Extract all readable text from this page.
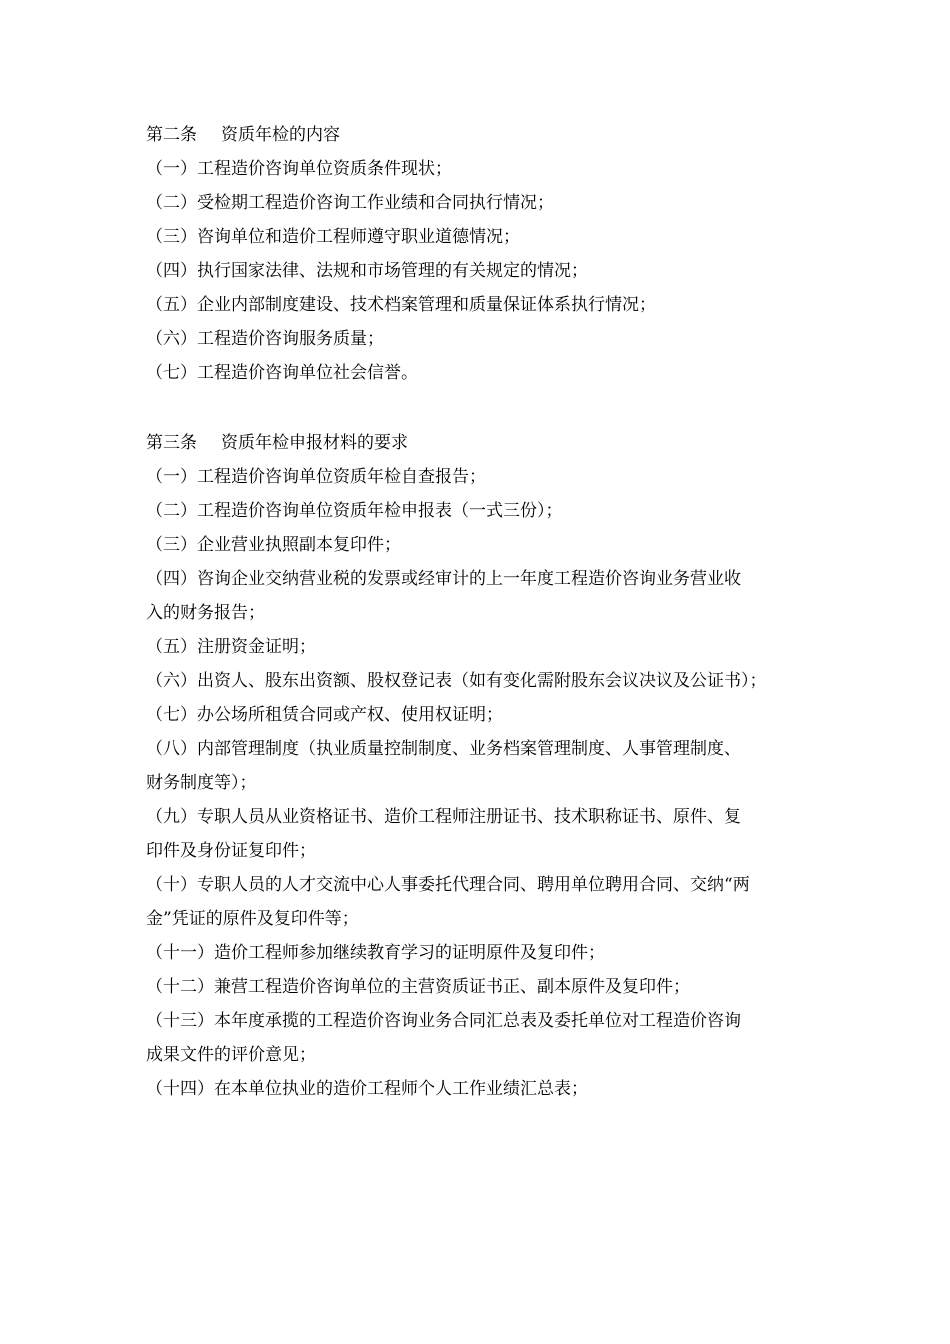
第二条 资质年检的内容
（一）工程造价咨询单位资质条件现状；
（二）受检期工程造价咨询工作业绩和合同执行情况；
（三）咨询单位和造价工程师遵守职业道德情况；
（四）执行国家法律、法规和市场管理的有关规定的情况；
（五）企业内部制度建设、技术档案管理和质量保证体系执行情况；
（六）工程造价咨询服务质量；
（七）工程造价咨询单位社会信誉。
第三条 资质年检申报材料的要求
（一）工程造价咨询单位资质年检自查报告；
（二）工程造价咨询单位资质年检申报表（一式三份）；
（三）企业营业执照副本复印件；
（四）咨询企业交纳营业税的发票或经审计的上一年度工程造价咨询业务营业收
入的财务报告；
（五）注册资金证明；
（六）出资人、股东出资额、股权登记表（如有变化需附股东会议决议及公证书）；
（七）办公场所租赁合同或产权、使用权证明；
（八）内部管理制度（执业质量控制制度、业务档案管理制度、人事管理制度、
财务制度等）；
（九）专职人员从业资格证书、造价工程师注册证书、技术职称证书、原件、复
印件及身份证复印件；
（十）专职人员的人才交流中心人事委托代理合同、聘用单位聘用合同、交纳“两
金”凭证的原件及复印件等；
（十一）造价工程师参加继续教育学习的证明原件及复印件；
（十二）兼营工程造价咨询单位的主营资质证书正、副本原件及复印件；
（十三）本年度承揽的工程造价咨询业务合同汇总表及委托单位对工程造价咨询
成果文件的评价意见；
（十四）在本单位执业的造价工程师个人工作业绩汇总表；
